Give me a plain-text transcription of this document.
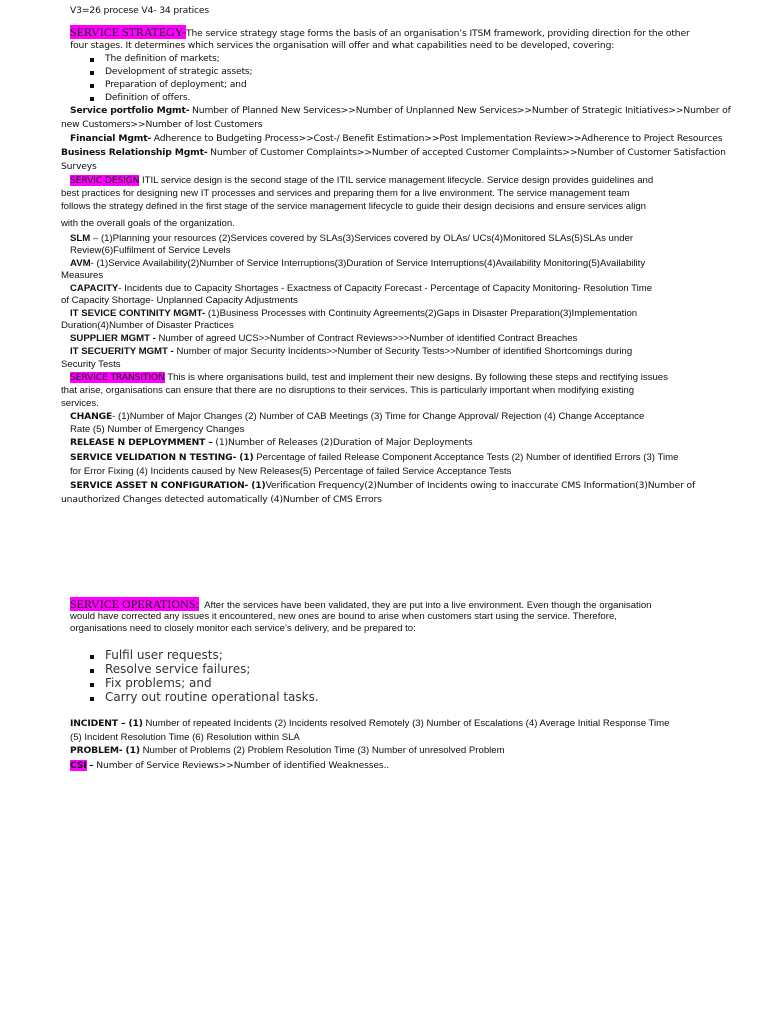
V3=26 procese V4- 34 pratices
SERVICE STRATEGY-The service strategy stage forms the basis of an organisation’s ITSM framework, providing direction for the other
four stages. It determines which services the organisation will offer and what capabilities need to be developed, covering:
The definition of markets;
Development of strategic assets;
Preparation of deployment; and
Definition of offers.
Service portfolio Mgmt- Number of Planned New Services>>Number of Unplanned New Services>>Number of Strategic Initiatives>>Number of
new Customers>>Number of lost Customers
Financial Mgmt- Adherence to Budgeting Process>>Cost-/ Benefit Estimation>>Post Implementation Review>>Adherence to Project Resources
Business Relationship Mgmt- Number of Customer Complaints>>Number of accepted Customer Complaints>>Number of Customer Satisfaction
Surveys
SERVIC DESIGN ITIL service design is the second stage of the ITIL service management lifecycle. Service design provides guidelines and
best practices for designing new IT processes and services and preparing them for a live environment. The service management team
follows the strategy defined in the first stage of the service management lifecycle to guide their design decisions and ensure services align
with the overall goals of the organization.
SLM – (1)Planning your resources (2)Services covered by SLAs(3)Services covered by OLAs/ UCs(4)Monitored SLAs(5)SLAs under
Review(6)Fulfilment of Service Levels
AVM- (1)Service Availability(2)Number of Service Interruptions(3)Duration of Service Interruptions(4)Availability Monitoring(5)Availability
Measures
CAPACITY- Incidents due to Capacity Shortages - Exactness of Capacity Forecast - Percentage of Capacity Monitoring- Resolution Time
of Capacity Shortage- Unplanned Capacity Adjustments
IT SEVICE CONTINITY MGMT- (1)Business Processes with Continuity Agreements(2)Gaps in Disaster Preparation(3)Implementation
Duration(4)Number of Disaster Practices
SUPPLIER MGMT - Number of agreed UCS>>Number of Contract Reviews>>>Number of identified Contract Breaches
IT SECUERITY MGMT - Number of major Security Incidents>>Number of Security Tests>>Number of identified Shortcomings during
Security Tests
SERVICE TRANSITION This is where organisations build, test and implement their new designs. By following these steps and rectifying issues
that arise, organisations can ensure that there are no disruptions to their services. This is particularly important when modifying existing
services.
CHANGE- (1)Number of Major Changes (2) Number of CAB Meetings (3) Time for Change Approval/ Rejection (4) Change Acceptance
Rate (5) Number of Emergency Changes
RELEASE N DEPLOYMMENT – (1)Number of Releases (2)Duration of Major Deployments
SERVICE VELIDATION N TESTING- (1) Percentage of failed Release Component Acceptance Tests (2) Number of identified Errors (3) Time
for Error Fixing (4) Incidents caused by New Releases(5) Percentage of failed Service Acceptance Tests
SERVICE ASSET N CONFIGURATION- (1)Verification Frequency(2)Number of Incidents owing to inaccurate CMS Information(3)Number of
unauthorized Changes detected automatically (4)Number of CMS Errors
SERVICE OPERATIONS: After the services have been validated, they are put into a live environment. Even though the organisation
would have corrected any issues it encountered, new ones are bound to arise when customers start using the service. Therefore,
organisations need to closely monitor each service’s delivery, and be prepared to:
Fulfil user requests;
Resolve service failures;
Fix problems; and
Carry out routine operational tasks.
INCIDENT – (1) Number of repeated Incidents (2) Incidents resolved Remotely (3) Number of Escalations (4) Average Initial Response Time
(5) Incident Resolution Time (6) Resolution within SLA
PROBLEM- (1) Number of Problems (2) Problem Resolution Time (3) Number of unresolved Problem
CSI – Number of Service Reviews>>Number of identified Weaknesses..
